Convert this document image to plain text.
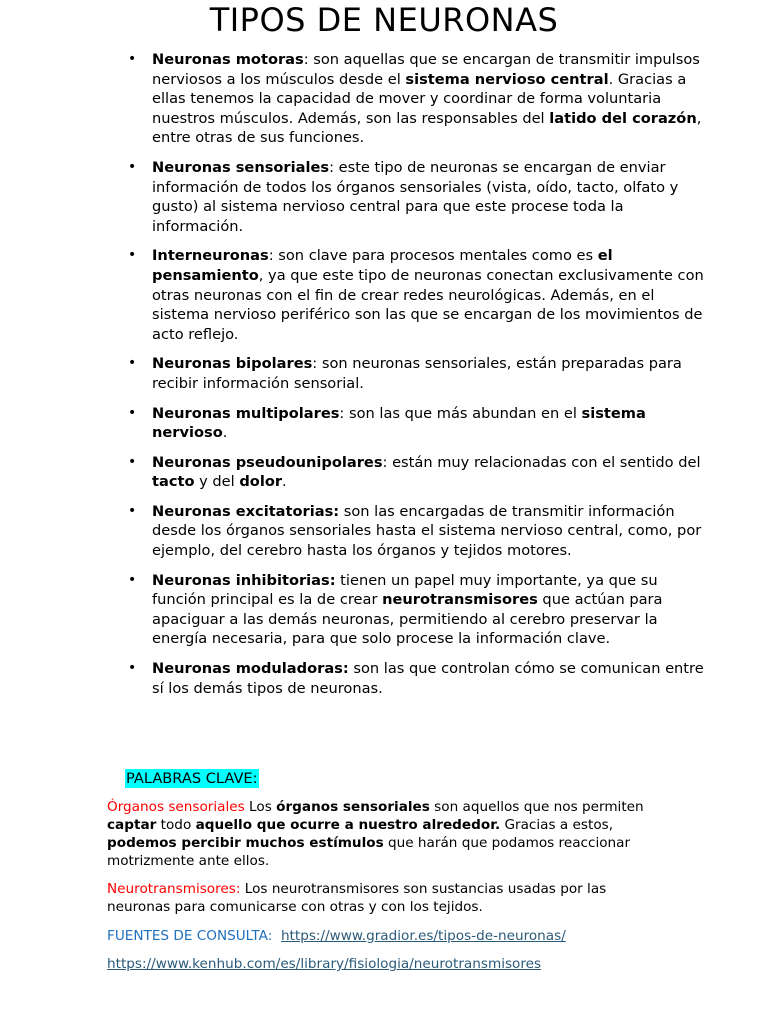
TIPOS DE NEURONAS
• Neuronas motoras: son aquellas que se encargan de transmitir impulsos nerviosos a los músculos desde el sistema nervioso central. Gracias a ellas tenemos la capacidad de mover y coordinar de forma voluntaria nuestros músculos. Además, son las responsables del latido del corazón, entre otras de sus funciones.
• Neuronas sensoriales: este tipo de neuronas se encargan de enviar información de todos los órganos sensoriales (vista, oído, tacto, olfato y gusto) al sistema nervioso central para que este procese toda la información.
• Interneuronas: son clave para procesos mentales como es el pensamiento, ya que este tipo de neuronas conectan exclusivamente con otras neuronas con el fin de crear redes neurológicas. Además, en el sistema nervioso periférico son las que se encargan de los movimientos de acto reflejo.
• Neuronas bipolares: son neuronas sensoriales, están preparadas para recibir información sensorial.
• Neuronas multipolares: son las que más abundan en el sistema nervioso.
• Neuronas pseudounipolares: están muy relacionadas con el sentido del tacto y del dolor.
• Neuronas excitatorias: son las encargadas de transmitir información desde los órganos sensoriales hasta el sistema nervioso central, como, por ejemplo, del cerebro hasta los órganos y tejidos motores.
• Neuronas inhibitorias: tienen un papel muy importante, ya que su función principal es la de crear neurotransmisores que actúan para apaciguar a las demás neuronas, permitiendo al cerebro preservar la energía necesaria, para que solo procese la información clave.
• Neuronas moduladoras: son las que controlan cómo se comunican entre sí los demás tipos de neuronas.
PALABRAS CLAVE:

Órganos sensoriales Los órganos sensoriales son aquellos que nos permiten captar todo aquello que ocurre a nuestro alrededor. Gracias a estos, podemos percibir muchos estímulos que harán que podamos reaccionar motrizmente ante ellos.

Neurotransmisores: Los neurotransmisores son sustancias usadas por las neuronas para comunicarse con otras y con los tejidos.

FUENTES DE CONSULTA: https://www.gradior.es/tipos-de-neuronas/
https://www.kenhub.com/es/library/fisiologia/neurotransmisores
